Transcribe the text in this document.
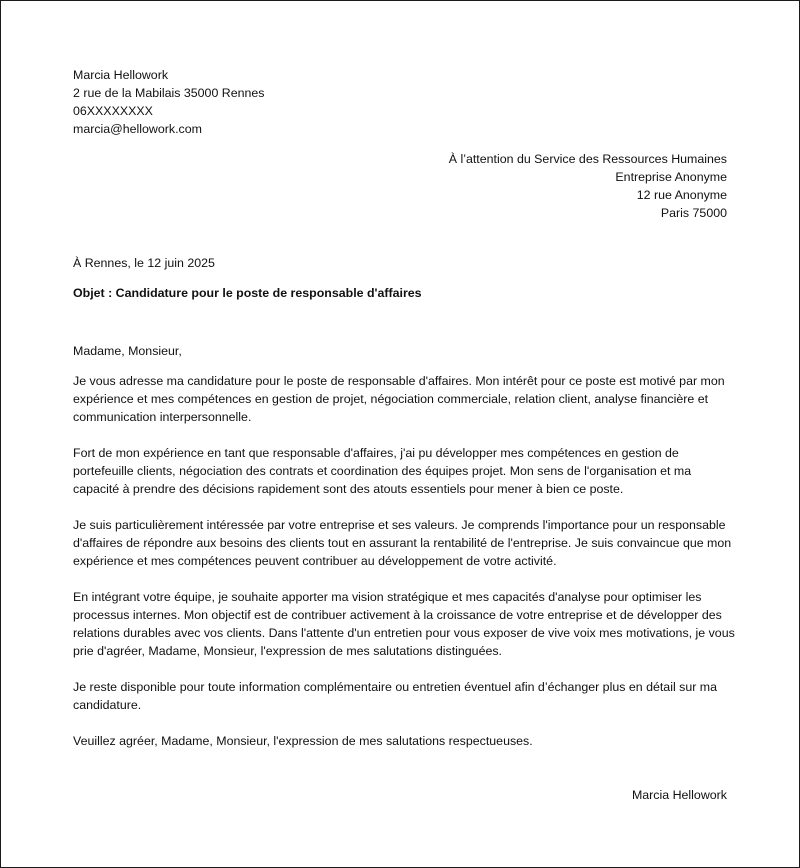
Marcia Hellowork
2 rue de la Mabilais 35000 Rennes
06XXXXXXXX
marcia@hellowork.com
À l’attention du Service des Ressources Humaines
Entreprise Anonyme
12 rue Anonyme
Paris 75000
À Rennes, le 12 juin 2025
Objet : Candidature pour le poste de responsable d'affaires

Madame, Monsieur,

Je vous adresse ma candidature pour le poste de responsable d'affaires. Mon intérêt pour ce poste est motivé par mon expérience et mes compétences en gestion de projet, négociation commerciale, relation client, analyse financière et communication interpersonnelle.

Fort de mon expérience en tant que responsable d'affaires, j'ai pu développer mes compétences en gestion de portefeuille clients, négociation des contrats et coordination des équipes projet. Mon sens de l'organisation et ma capacité à prendre des décisions rapidement sont des atouts essentiels pour mener à bien ce poste.

Je suis particulièrement intéressée par votre entreprise et ses valeurs. Je comprends l'importance pour un responsable d'affaires de répondre aux besoins des clients tout en assurant la rentabilité de l'entreprise. Je suis convaincue que mon expérience et mes compétences peuvent contribuer au développement de votre activité.

En intégrant votre équipe, je souhaite apporter ma vision stratégique et mes capacités d'analyse pour optimiser les processus internes. Mon objectif est de contribuer activement à la croissance de votre entreprise et de développer des relations durables avec vos clients. Dans l'attente d'un entretien pour vous exposer de vive voix mes motivations, je vous prie d'agréer, Madame, Monsieur, l'expression de mes salutations distinguées.

Je reste disponible pour toute information complémentaire ou entretien éventuel afin d’échanger plus en détail sur ma candidature.

Veuillez agréer, Madame, Monsieur, l'expression de mes salutations respectueuses.

Marcia Hellowork
